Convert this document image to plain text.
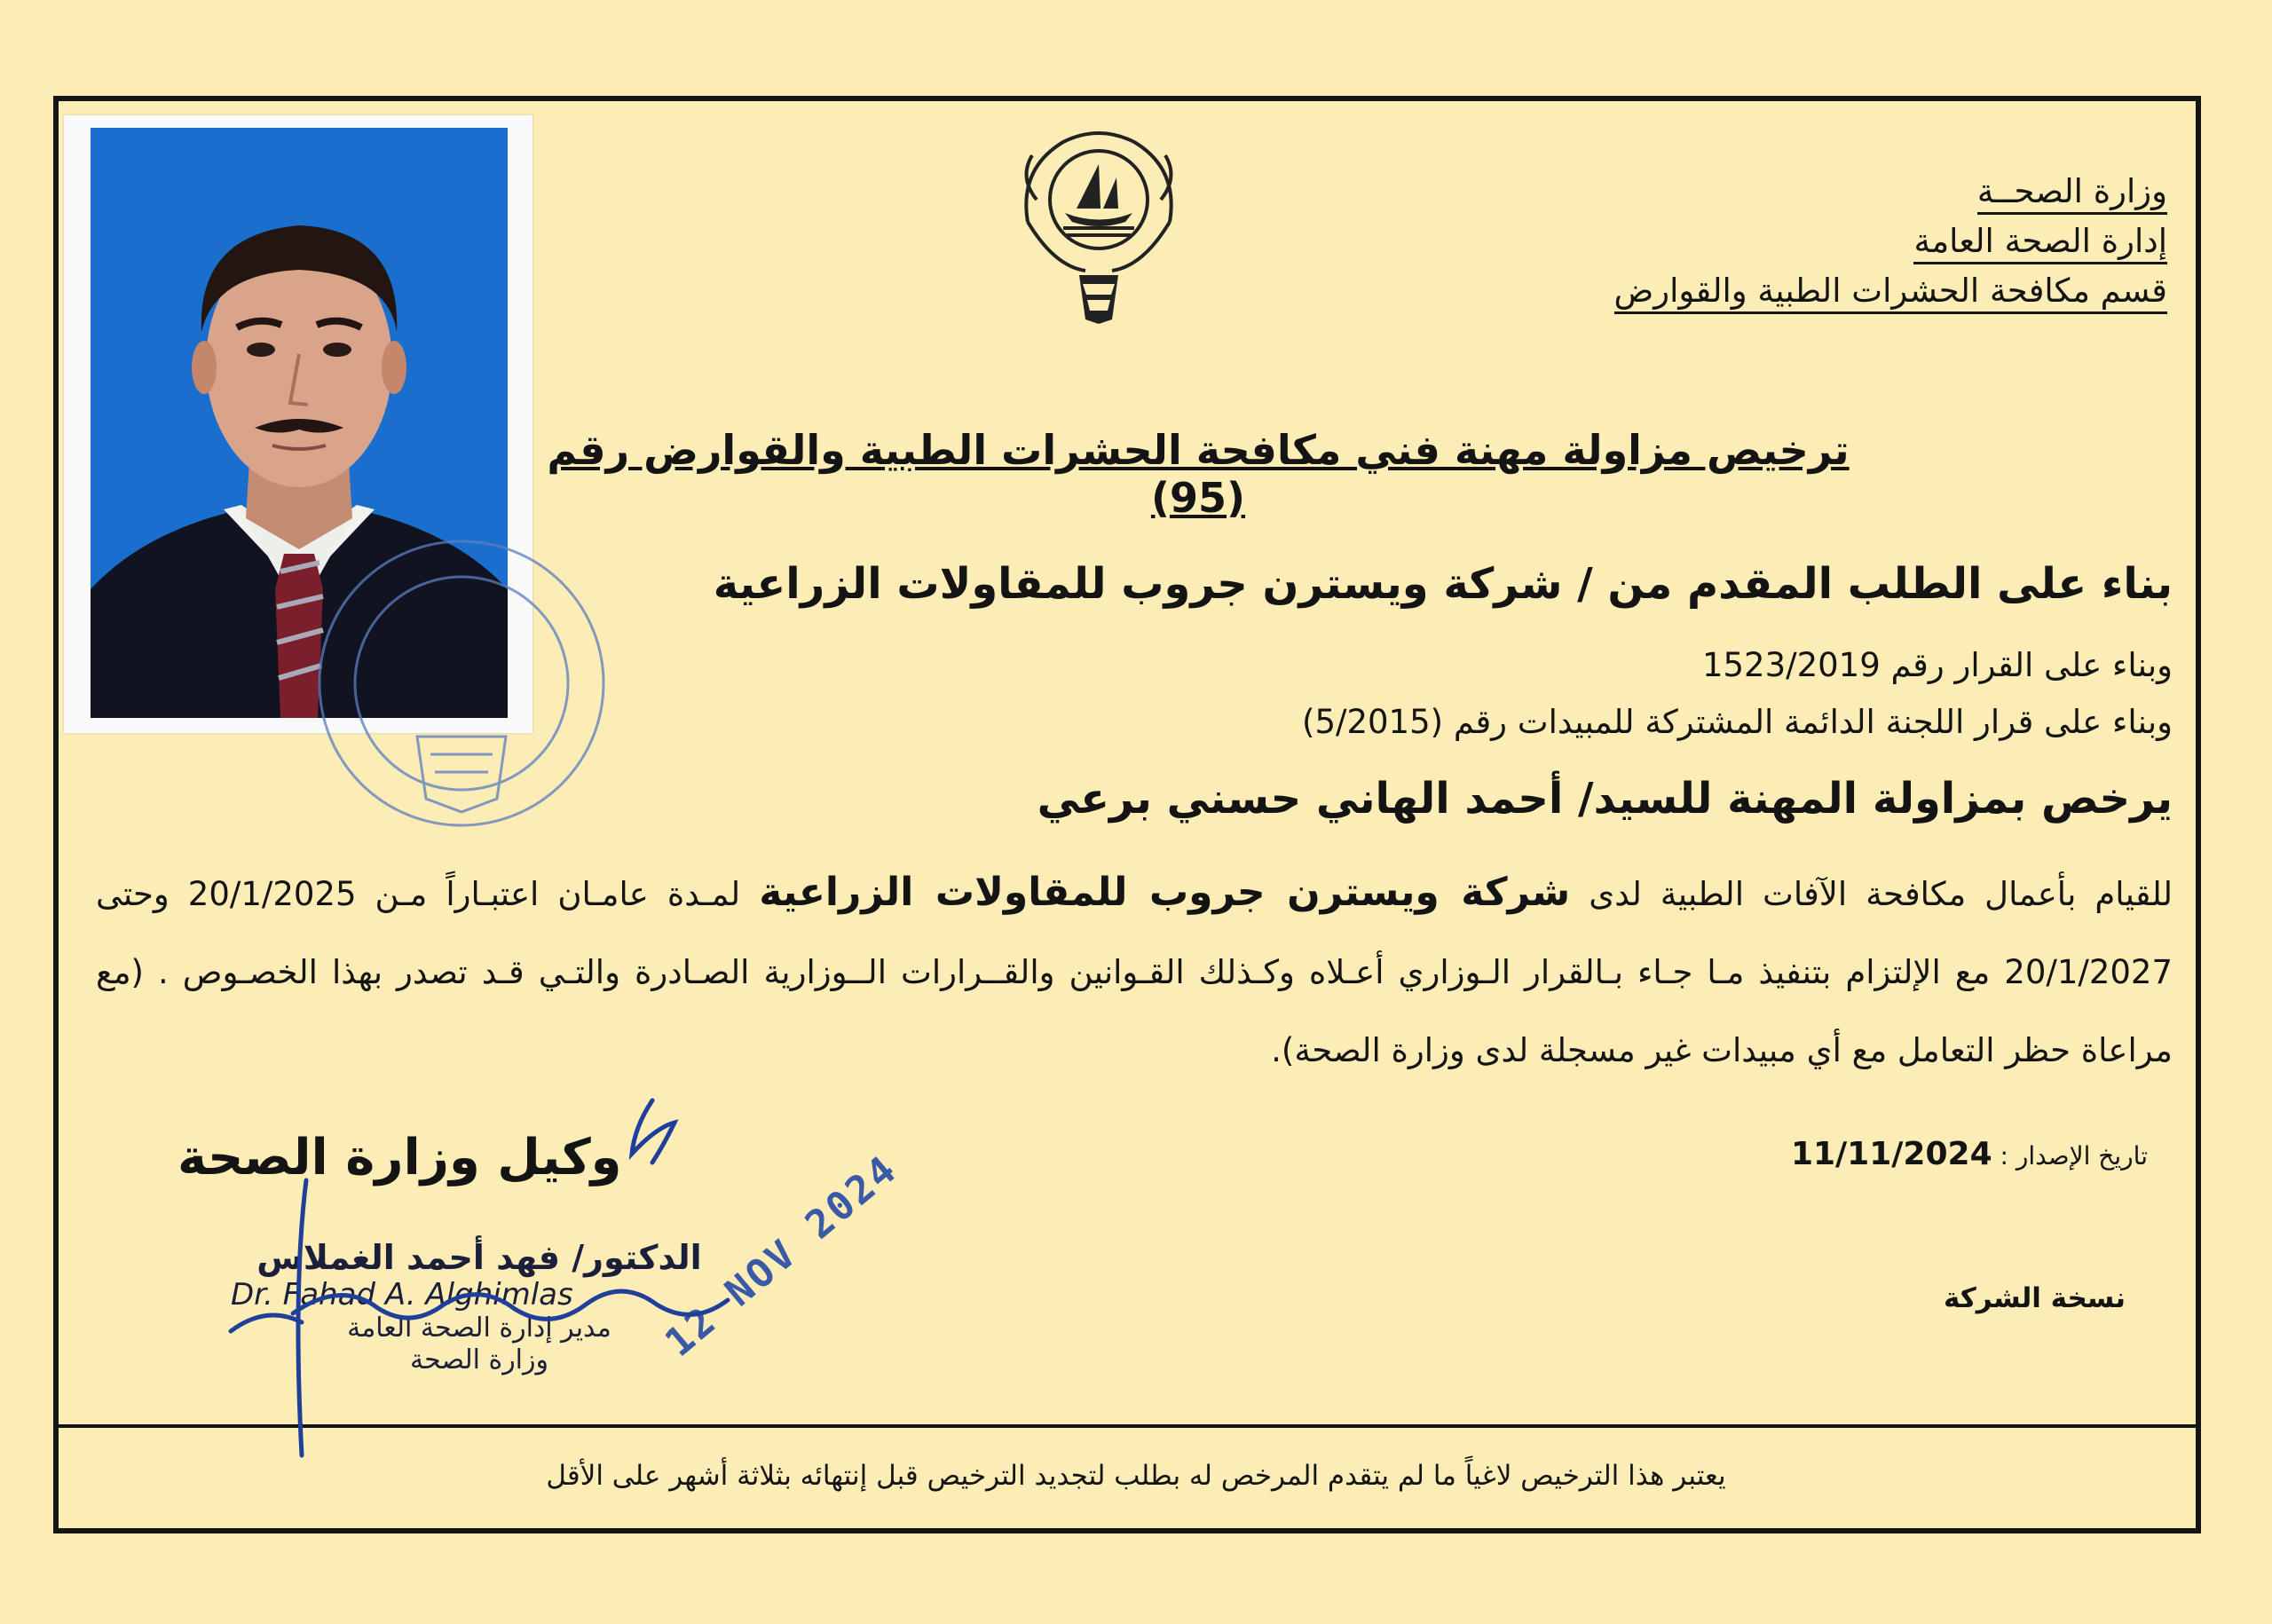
وزارة الصحــة
إدارة الصحة العامة
قسم مكافحة الحشرات الطبية والقوارض
ترخيص مزاولة مهنة فني مكافحة الحشرات الطبية والقوارض رقم (95)
بناء على الطلب المقدم من / شركة ويسترن جروب للمقاولات الزراعية
وبناء على القرار رقم 1523/2019
وبناء على قرار اللجنة الدائمة المشتركة للمبيدات رقم (5/2015)
يرخص بمزاولة المهنة للسيد/ أحمد الهاني حسني برعي
للقيام بأعمال مكافحة الآفات الطبية لدى شركة ويسترن جروب للمقاولات الزراعية لمـدة عامـان اعتبـاراً مـن 20/1/2025 وحتى 20/1/2027 مع الإلتزام بتنفيذ مـا جـاء بـالقرار الـوزاري أعـلاه وكـذلك القـوانين والقــرارات الــوزارية الصـادرة والتـي قـد تصدر بهذا الخصـوص . (مع مراعاة حظر التعامل مع أي مبيدات غير مسجلة لدى وزارة الصحة).
تاريخ الإصدار : 11/11/2024
نسخة الشركة
وكيل وزارة الصحة
الدكتور/ فهد أحمد الغملاس
Dr. Fahad A. Alghimlas
مدير إدارة الصحة العامة
وزارة الصحة	12 NOV 2024
يعتبر هذا الترخيص لاغياً ما لم يتقدم المرخص له بطلب لتجديد الترخيص قبل إنتهائه بثلاثة أشهر على الأقل
